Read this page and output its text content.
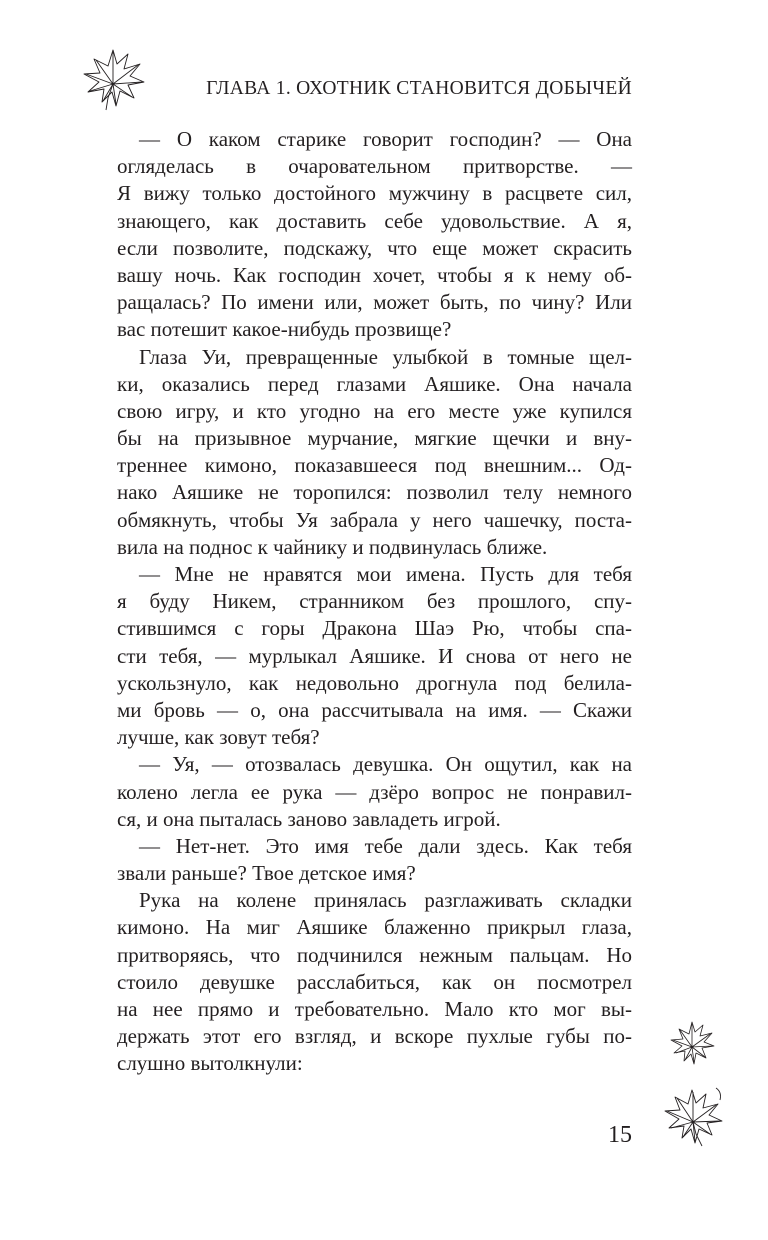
ГЛАВА 1. ОХОТНИК СТАНОВИТСЯ ДОБЫЧЕЙ
— О каком старике говорит господин? — Она
огляделась в очаровательном притворстве. —
Я вижу только достойного мужчину в расцвете сил,
знающего, как доставить себе удовольствие. А я,
если позволите, подскажу, что еще может скрасить
вашу ночь. Как господин хочет, чтобы я к нему об-
ращалась? По имени или, может быть, по чину? Или
вас потешит какое-нибудь прозвище?
Глаза Уи, превращенные улыбкой в томные щел-
ки, оказались перед глазами Аяшике. Она начала
свою игру, и кто угодно на его месте уже купился
бы на призывное мурчание, мягкие щечки и вну-
треннее кимоно, показавшееся под внешним... Од-
нако Аяшике не торопился: позволил телу немного
обмякнуть, чтобы Уя забрала у него чашечку, поста-
вила на поднос к чайнику и подвинулась ближе.
— Мне не нравятся мои имена. Пусть для тебя
я буду Никем, странником без прошлого, спу-
стившимся с горы Дракона Шаэ Рю, чтобы спа-
сти тебя, — мурлыкал Аяшике. И снова от него не
ускользнуло, как недовольно дрогнула под белила-
ми бровь — о, она рассчитывала на имя. — Скажи
лучше, как зовут тебя?
— Уя, — отозвалась девушка. Он ощутил, как на
колено легла ее рука — дзёро вопрос не понравил-
ся, и она пыталась заново завладеть игрой.
— Нет-нет. Это имя тебе дали здесь. Как тебя
звали раньше? Твое детское имя?
Рука на колене принялась разглаживать складки
кимоно. На миг Аяшике блаженно прикрыл глаза,
притворяясь, что подчинился нежным пальцам. Но
стоило девушке расслабиться, как он посмотрел
на нее прямо и требовательно. Мало кто мог вы-
держать этот его взгляд, и вскоре пухлые губы по-
слушно вытолкнули:
15
